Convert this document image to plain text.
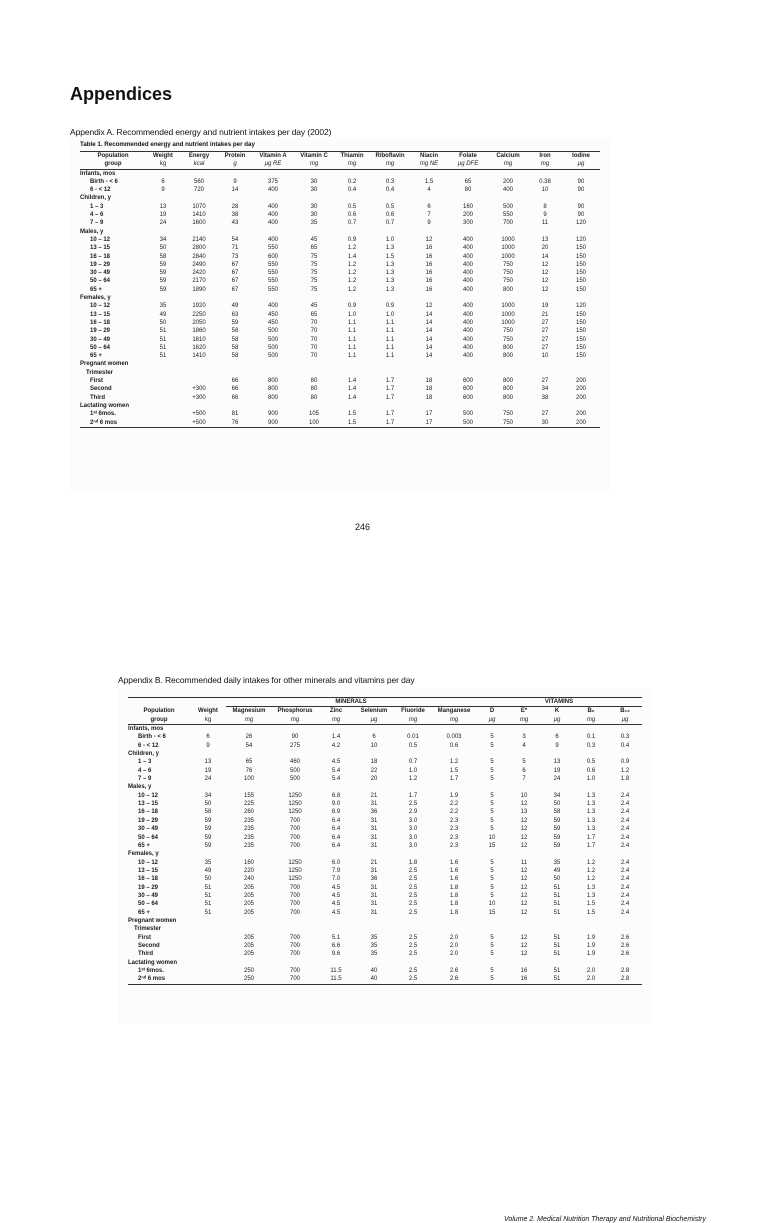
Appendices
Appendix A. Recommended energy and nutrient intakes per day (2002)
Table 1. Recommended energy and nutrient intakes per day
Population	Weight	Energy	Protein	Vitamin A	Vitamin C	Thiamin	Riboflavin	Niacin	Folate	Calcium	Iron	Iodine
group	kg	kcal	g	µg RE	mg	mg	mg	mg NE	µg DFE	mg	mg	µg
Infants, mos												
Birth - < 6	6	560	9	375	30	0.2	0.3	1.5	65	200	0.38	90
6 - < 12	9	720	14	400	30	0.4	0.4	4	80	400	10	90
Children, y												
1 – 3	13	1070	28	400	30	0.5	0.5	6	160	500	8	90
4 – 6	19	1410	38	400	30	0.6	0.6	7	200	550	9	90
7 – 9	24	1600	43	400	35	0.7	0.7	9	300	700	11	120
Males, y												
10 – 12	34	2140	54	400	45	0.9	1.0	12	400	1000	13	120
13 – 15	50	2800	71	550	65	1.2	1.3	16	400	1000	20	150
16 – 18	58	2840	73	600	75	1.4	1.5	16	400	1000	14	150
19 – 29	59	2490	67	550	75	1.2	1.3	16	400	750	12	150
30 – 49	59	2420	67	550	75	1.2	1.3	16	400	750	12	150
50 – 64	59	2170	67	550	75	1.2	1.3	16	400	750	12	150
65 +	59	1890	67	550	75	1.2	1.3	16	400	800	12	150
Females, y												
10 – 12	35	1920	49	400	45	0.9	0.9	12	400	1000	19	120
13 – 15	49	2250	63	450	65	1.0	1.0	14	400	1000	21	150
16 – 18	50	2050	59	450	70	1.1	1.1	14	400	1000	27	150
19 – 29	51	1860	58	500	70	1.1	1.1	14	400	750	27	150
30 – 49	51	1810	58	500	70	1.1	1.1	14	400	750	27	150
50 – 64	51	1620	58	500	70	1.1	1.1	14	400	800	27	150
65 +	51	1410	58	500	70	1.1	1.1	14	400	800	10	150
Pregnant women												
Trimester												
First			66	800	80	1.4	1.7	18	600	800	27	200
Second		+300	66	800	80	1.4	1.7	18	600	800	34	200
Third		+300	66	800	80	1.4	1.7	18	600	800	38	200
Lactating women												
1ˢᵗ 6mos.		+500	81	900	105	1.5	1.7	17	500	750	27	200
2ⁿᵈ 6 mos		+500	76	900	100	1.5	1.7	17	500	750	30	200
246
Volume 2. Medical Nutrition Therapy and Nutritional Biochemistry
Appendix B. Recommended daily intakes for other minerals and vitamins per day
		MINERALS						VITAMINS				
Population	Weight	Magnesium	Phosphorus	Zinc	Selenium	Fluoride	Manganese	D	E*	K	B₆	B₁₂
group	kg	mg	mg	mg	µg	mg	mg	µg	mg	µg	mg	µg
Infants, mos												
Birth - < 6	6	26	90	1.4	6	0.01	0.003	5	3	6	0.1	0.3
6 - < 12	9	54	275	4.2	10	0.5	0.6	5	4	9	0.3	0.4
Children, y												
1 – 3	13	65	460	4.5	18	0.7	1.2	5	5	13	0.5	0.9
4 – 6	19	76	500	5.4	22	1.0	1.5	5	6	19	0.6	1.2
7 – 9	24	100	500	5.4	20	1.2	1.7	5	7	24	1.0	1.8
Males, y												
10 – 12	34	155	1250	6.8	21	1.7	1.9	5	10	34	1.3	2.4
13 – 15	50	225	1250	9.0	31	2.5	2.2	5	12	50	1.3	2.4
16 – 18	58	260	1250	8.9	36	2.9	2.2	5	13	58	1.3	2.4
19 – 29	59	235	700	6.4	31	3.0	2.3	5	12	59	1.3	2.4
30 – 49	59	235	700	6.4	31	3.0	2.3	5	12	59	1.3	2.4
50 – 64	59	235	700	6.4	31	3.0	2.3	10	12	59	1.7	2.4
65 +	59	235	700	6.4	31	3.0	2.3	15	12	59	1.7	2.4
Females, y												
10 – 12	35	160	1250	6.0	21	1.8	1.6	5	11	35	1.2	2.4
13 – 15	49	220	1250	7.9	31	2.5	1.6	5	12	49	1.2	2.4
16 – 18	50	240	1250	7.0	36	2.5	1.6	5	12	50	1.2	2.4
19 – 29	51	205	700	4.5	31	2.5	1.8	5	12	51	1.3	2.4
30 – 49	51	205	700	4.5	31	2.5	1.8	5	12	51	1.3	2.4
50 – 64	51	205	700	4.5	31	2.5	1.8	10	12	51	1.5	2.4
65 +	51	205	700	4.5	31	2.5	1.8	15	12	51	1.5	2.4
Pregnant women												
Trimester												
First		205	700	5.1	35	2.5	2.0	5	12	51	1.9	2.6
Second		205	700	6.6	35	2.5	2.0	5	12	51	1.9	2.6
Third		205	700	9.6	35	2.5	2.0	5	12	51	1.9	2.6
Lactating women												
1ˢᵗ 6mos.		250	700	11.5	40	2.5	2.6	5	16	51	2.0	2.8
2ⁿᵈ 6 mos		250	700	11.5	40	2.5	2.6	5	16	51	2.0	2.8
